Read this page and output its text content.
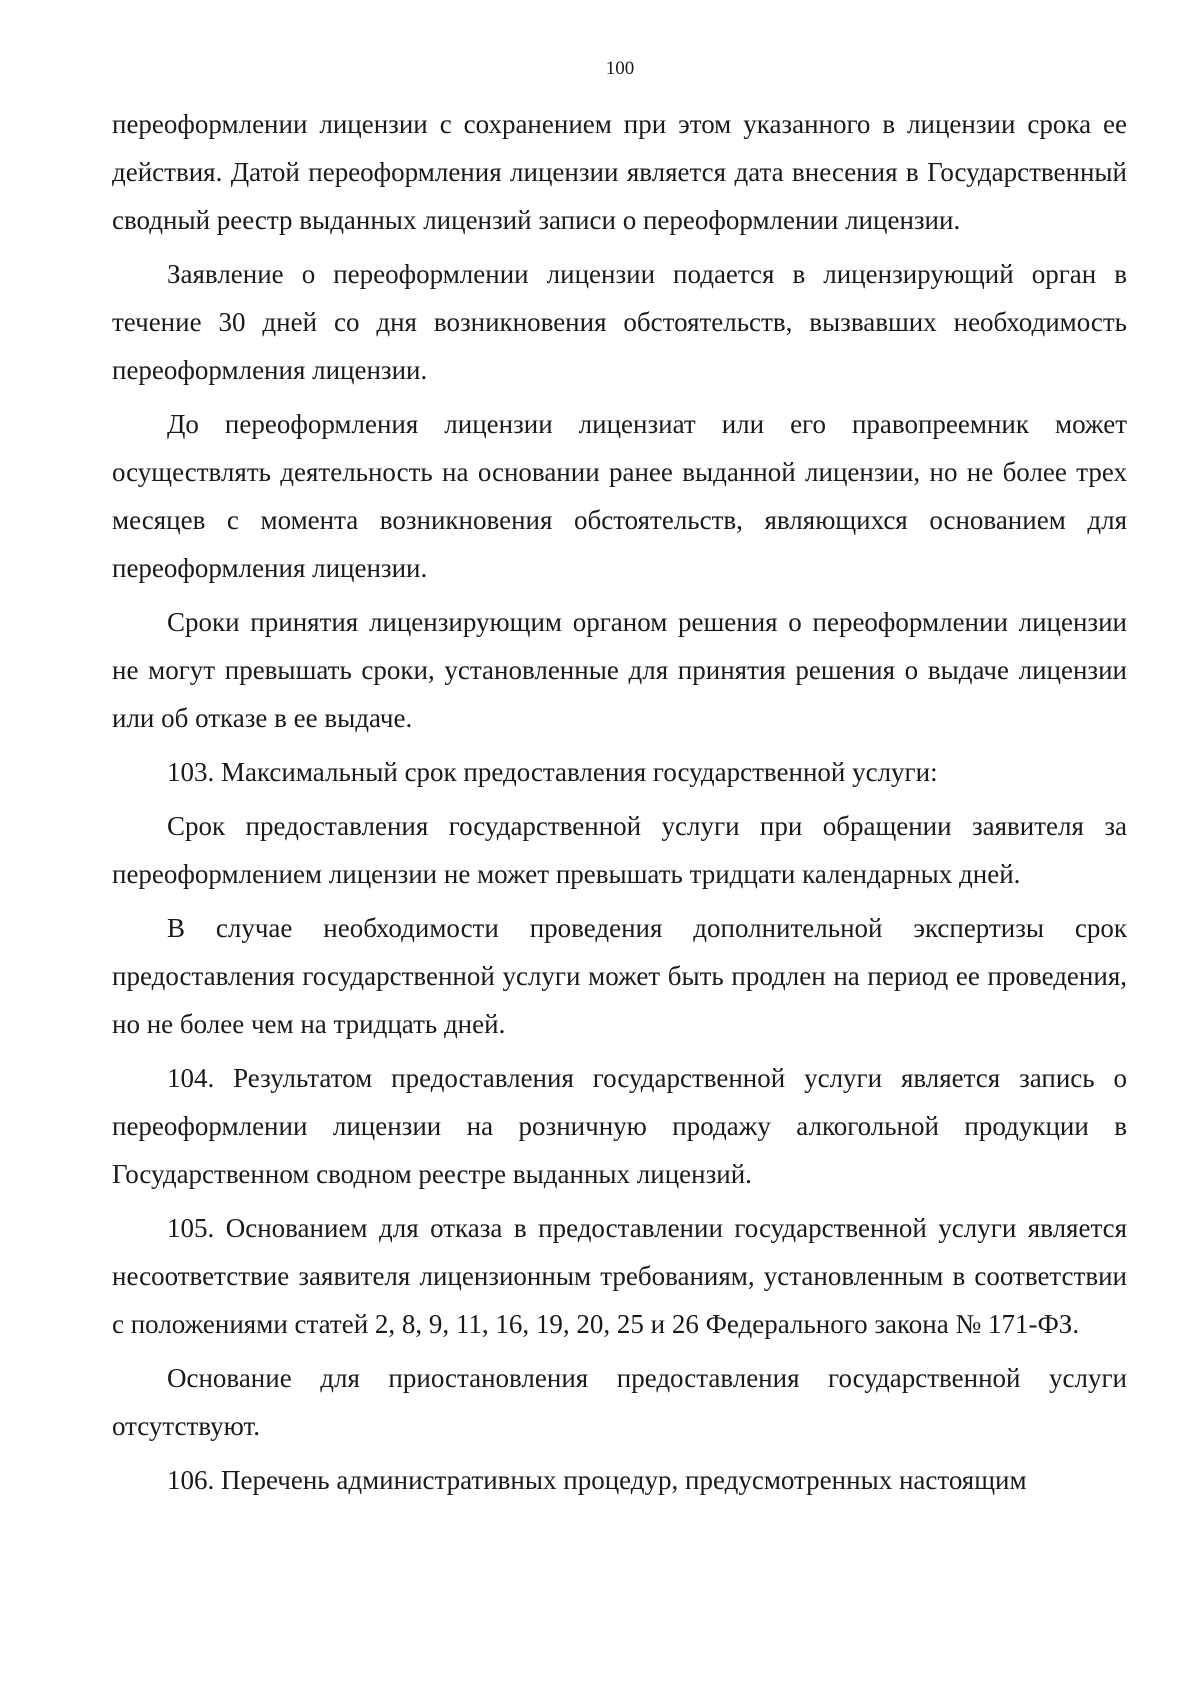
100

переоформлении лицензии с сохранением при этом указанного в лицензии срока ее действия. Датой переоформления лицензии является дата внесения в Государственный сводный реестр выданных лицензий записи о переоформлении лицензии.

Заявление о переоформлении лицензии подается в лицензирующий орган в течение 30 дней со дня возникновения обстоятельств, вызвавших необходимость переоформления лицензии.

До переоформления лицензии лицензиат или его правопреемник может осуществлять деятельность на основании ранее выданной лицензии, но не более трех месяцев с момента возникновения обстоятельств, являющихся основанием для переоформления лицензии.

Сроки принятия лицензирующим органом решения о переоформлении лицензии не могут превышать сроки, установленные для принятия решения о выдаче лицензии или об отказе в ее выдаче.

103. Максимальный срок предоставления государственной услуги:

Срок предоставления государственной услуги при обращении заявителя за переоформлением лицензии не может превышать тридцати календарных дней.

В случае необходимости проведения дополнительной экспертизы срок предоставления государственной услуги может быть продлен на период ее проведения, но не более чем на тридцать дней.

104. Результатом предоставления государственной услуги является запись о переоформлении лицензии на розничную продажу алкогольной продукции в Государственном сводном реестре выданных лицензий.

105. Основанием для отказа в предоставлении государственной услуги является несоответствие заявителя лицензионным требованиям, установленным в соответствии с положениями статей 2, 8, 9, 11, 16, 19, 20, 25 и 26 Федерального закона № 171-ФЗ.

Основание для приостановления предоставления государственной услуги отсутствуют.

106. Перечень административных процедур, предусмотренных настоящим
